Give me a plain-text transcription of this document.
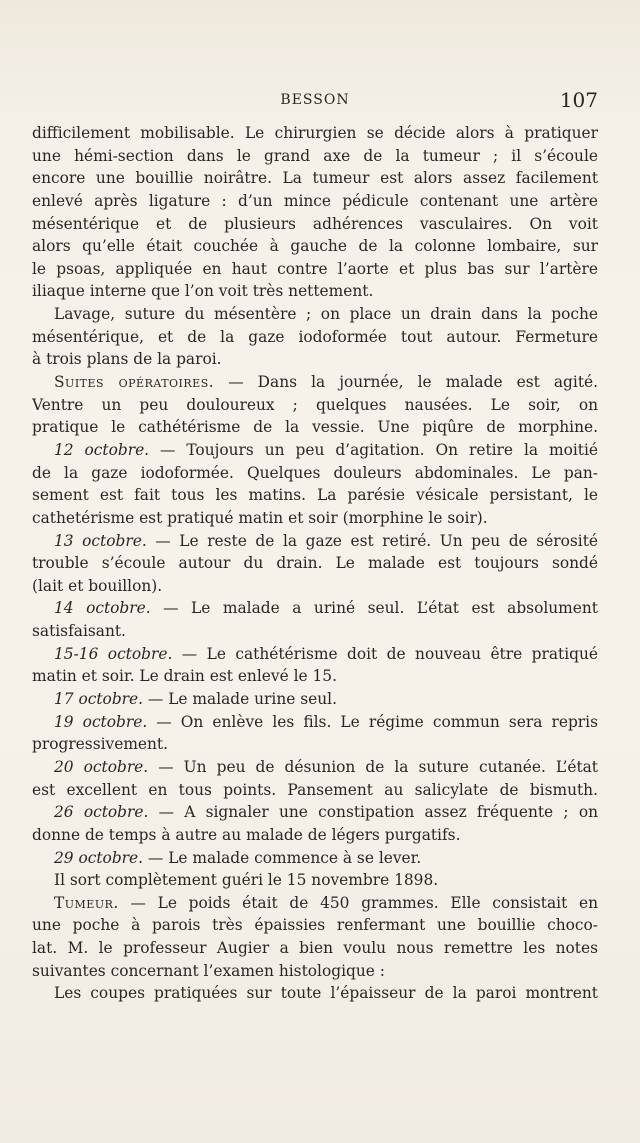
BESSON	107
difficilement mobilisable. Le chirurgien se décide alors à pratiquer
une hémi-section dans le grand axe de la tumeur ; il s’écoule
encore une bouillie noirâtre. La tumeur est alors assez facilement
enlevé après ligature : d’un mince pédicule contenant une artère
mésentérique et de plusieurs adhérences vasculaires. On voit
alors qu’elle était couchée à gauche de la colonne lombaire, sur
le psoas, appliquée en haut contre l’aorte et plus bas sur l’artère
iliaque interne que l’on voit très nettement.
Lavage, suture du mésentère ; on place un drain dans la poche
mésentérique, et de la gaze iodoformée tout autour. Fermeture
à trois plans de la paroi.
Suites opératoires. — Dans la journée, le malade est agité.
Ventre un peu douloureux ; quelques nausées. Le soir, on
pratique le cathétérisme de la vessie. Une piqûre de morphine.
12 octobre. — Toujours un peu d’agitation. On retire la moitié
de la gaze iodoformée. Quelques douleurs abdominales. Le pan-
sement est fait tous les matins. La parésie vésicale persistant, le
cathetérisme est pratiqué matin et soir (morphine le soir).
13 octobre. — Le reste de la gaze est retiré. Un peu de sérosité
trouble s’écoule autour du drain. Le malade est toujours sondé
(lait et bouillon).
14 octobre. — Le malade a uriné seul. L’état est absolument
satisfaisant.
15-16 octobre. — Le cathétérisme doit de nouveau être pratiqué
matin et soir. Le drain est enlevé le 15.
17 octobre. — Le malade urine seul.
19 octobre. — On enlève les fils. Le régime commun sera repris
progressivement.
20 octobre. — Un peu de désunion de la suture cutanée. L’état
est excellent en tous points. Pansement au salicylate de bismuth.
26 octobre. — A signaler une constipation assez fréquente ; on
donne de temps à autre au malade de légers purgatifs.
29 octobre. — Le malade commence à se lever.
Il sort complètement guéri le 15 novembre 1898.
Tumeur. — Le poids était de 450 grammes. Elle consistait en
une poche à parois très épaissies renfermant une bouillie choco-
lat. M. le professeur Augier a bien voulu nous remettre les notes
suivantes concernant l’examen histologique :
Les coupes pratiquées sur toute l’épaisseur de la paroi montrent
